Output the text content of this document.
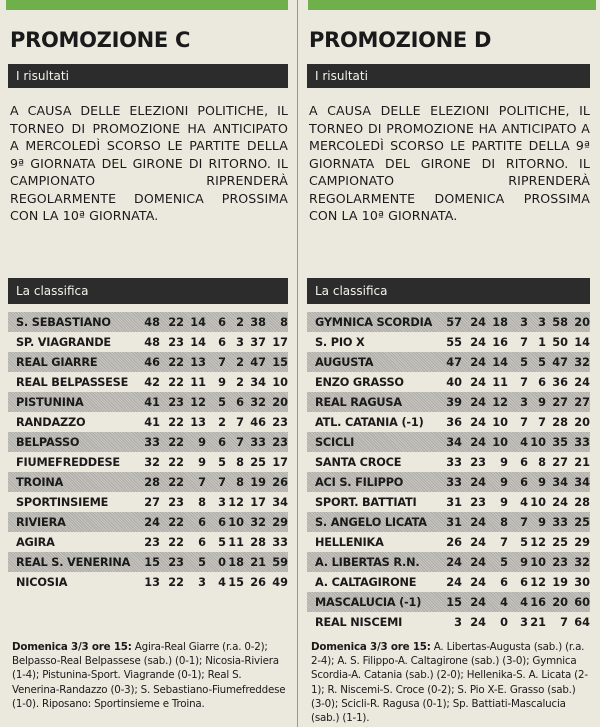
PROMOZIONE C
I risultati
A CAUSA DELLE ELEZIONI POLITICHE, IL TORNEO DI PROMOZIONE HA ANTICIPATO A MERCOLEDÌ SCORSO LE PARTITE DELLA 9ª GIORNATA DEL GIRONE DI RITORNO. IL CAMPIONATO RIPRENDERÀ REGOLARMENTE DOMENICA PROSSIMA CON LA 10ª GIORNATA.
La classifica
S. SEBASTIANO	48 22 14	6 2 38	8
SP. VIAGRANDE	48 23 14	6 3 37 17
REAL GIARRE	46 22 13	7 2 47 15
REAL BELPASSESE	42 22 11	9 2 34 10
PISTUNINA	41 23 12	5 6 32 20
RANDAZZO	41 22 13	2 7 46 23
BELPASSO	33 22	9	6 7 33 23
FIUMEFREDDESE	32 22	9	5 8 25 17
TROINA	28 22	7	7 8 19 26
SPORTINSIEME	27 23	8	3 12 17 34
RIVIERA	24 22	6	6 10 32 29
AGIRA	23 22	6	5 11 28 33
REAL S. VENERINA	15 23	5	0 18 21 59
NICOSIA	13 22	3	4 15 26 49
Domenica 3/3 ore 15: Agira-Real Giarre (r.a. 0-2); Belpasso-Real Belpassese (sab.) (0-1); Nicosia-Riviera (1-4); Pistunina-Sport. Viagrande (0-1); Real S. Venerina-Randazzo (0-3); S. Sebastiano-Fiumefreddese (1-0). Riposano: Sportinsieme e Troina.
PROMOZIONE D
I risultati
A CAUSA DELLE ELEZIONI POLITICHE, IL TORNEO DI PROMOZIONE HA ANTICIPATO A MERCOLEDÌ SCORSO LE PARTITE DELLA 9ª GIORNATA DEL GIRONE DI RITORNO. IL CAMPIONATO RIPRENDERÀ REGOLARMENTE DOMENICA PROSSIMA CON LA 10ª GIORNATA.
La classifica
GYMNICA SCORDIA	57 24 18	3 3 58 20
S. PIO X	55 24 16	7 1 50 14
AUGUSTA	47 24 14	5 5 47 32
ENZO GRASSO	40 24 11	7 6 36 24
REAL RAGUSA	39 24 12	3 9 27 27
ATL. CATANIA (-1)	36 24 10	7 7 28 20
SCICLI	34 24 10	4 10 35 33
SANTA CROCE	33 23	9	6 8 27 21
ACI S. FILIPPO	33 24	9	6 9 34 34
SPORT. BATTIATI	31 23	9	4 10 24 28
S. ANGELO LICATA	31 24	8	7 9 33 25
HELLENIKA	26 24	7	5 12 25 29
A. LIBERTAS R.N.	24 24	5	9 10 23 32
A. CALTAGIRONE	24 24	6	6 12 19 30
MASCALUCIA (-1)	15 24	4	4 16 20 60
REAL NISCEMI	3 24	0	3 21	7 64
Domenica 3/3 ore 15: A. Libertas-Augusta (sab.) (r.a. 2-4); A. S. Filippo-A. Caltagirone (sab.) (3-0); Gymnica Scordia-A. Catania (sab.) (2-0); Hellenika-S. A. Licata (2-1); R. Niscemi-S. Croce (0-2); S. Pio X-E. Grasso (sab.) (3-0); Scicli-R. Ragusa (0-1); Sp. Battiati-Mascalucia (sab.) (1-1).
